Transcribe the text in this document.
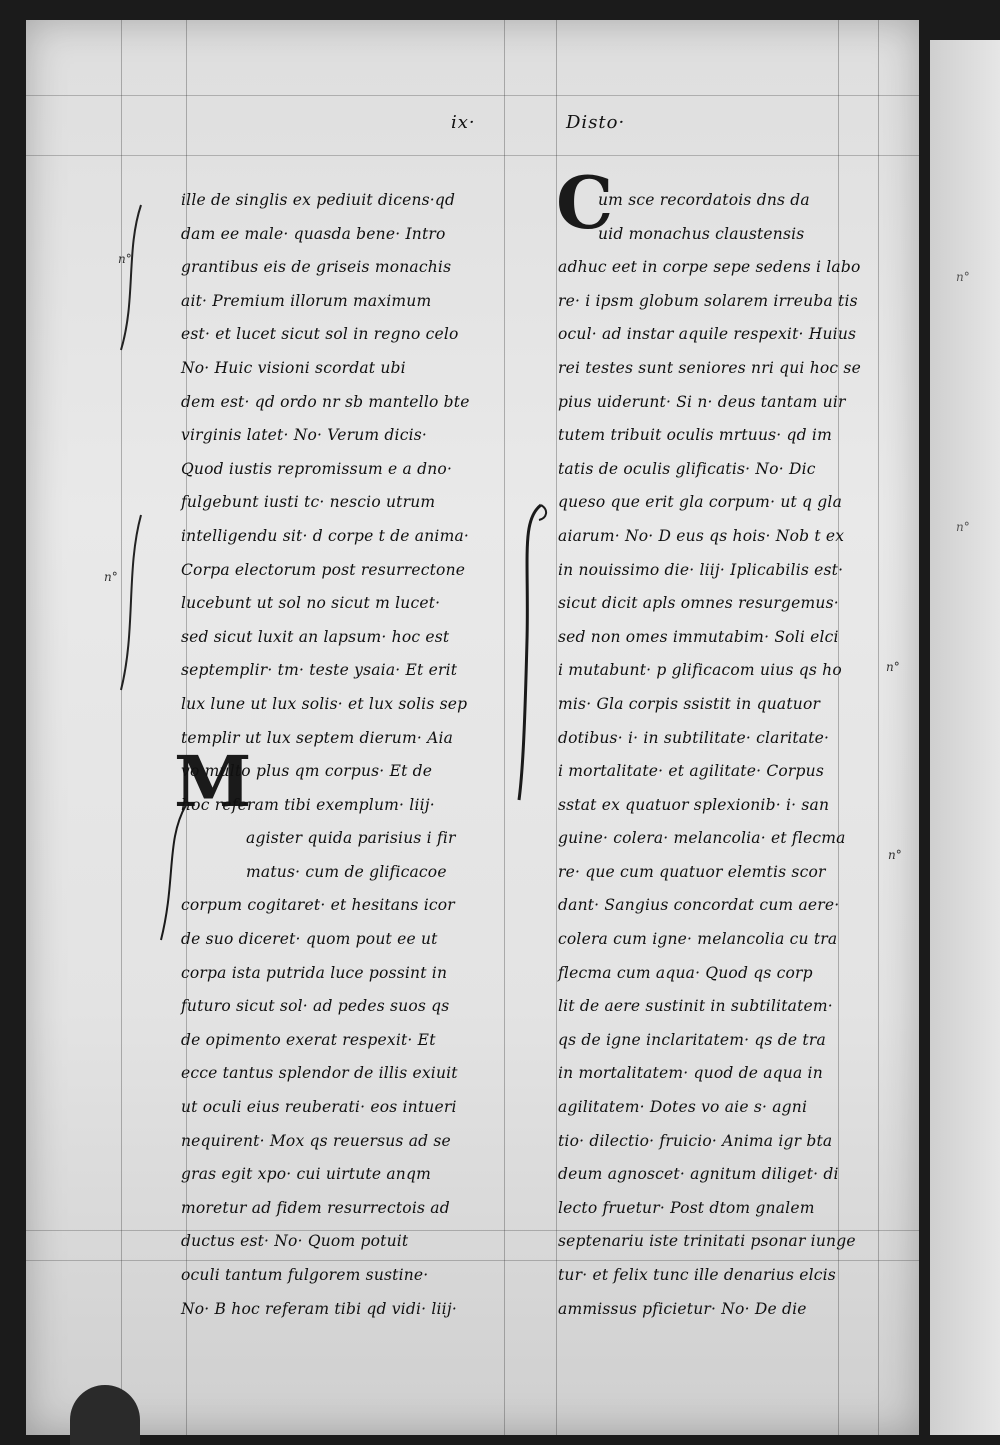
ix·	Disto·
M
C
ille de singlis ex pediuit dicens·qd
dam ee male· quasda bene· Intro
grantibus eis de griseis monachis
ait· Premium illorum maximum
est· et lucet sicut sol in regno celo
No· Huic visioni scordat ubi
dem est· qd ordo nr sb mantello bte
virginis latet· No· Verum dicis·
Quod iustis repromissum e a dno·
fulgebunt iusti tc· nescio utrum
intelligendu sit· d corpe t de anima·
Corpa electorum post resurrectone
lucebunt ut sol no sicut m lucet·
sed sicut luxit an lapsum· hoc est
septemplir· tm· teste ysaia· Et erit
lux lune ut lux solis· et lux solis sep
templir ut lux septem dierum· Aia
vo multo plus qm corpus· Et de
hoc referam tibi exemplum· liij·
agister quida parisius i fir
matus· cum de glificacoe
corpum cogitaret· et hesitans icor
de suo diceret· quom pout ee ut
corpa ista putrida luce possint in
futuro sicut sol· ad pedes suos qs
de opimento exerat respexit· Et
ecce tantus splendor de illis exiuit
ut oculi eius reuberati· eos intueri
nequirent· Mox qs reuersus ad se
gras egit xpo· cui uirtute anqm
moretur ad fidem resurrectois ad
ductus est· No· Quom potuit
oculi tantum fulgorem sustine·
No· B hoc referam tibi qd vidi· liij·
um sce recordatois dns da
uid monachus claustensis
adhuc eet in corpe sepe sedens i labo
re· i ipsm globum solarem irreuba tis
ocul· ad instar aquile respexit· Huius
rei testes sunt seniores nri qui hoc se
pius uiderunt· Si n· deus tantam uir
tutem tribuit oculis mrtuus· qd im
tatis de oculis glificatis· No· Dic
queso que erit gla corpum· ut q gla
aiarum· No· D eus qs hois· Nob t ex
in nouissimo die· liij· Iplicabilis est·
sicut dicit apls omnes resurgemus·
sed non omes immutabim· Soli elci
i mutabunt· p glificacom uius qs ho
mis· Gla corpis ssistit in quatuor
dotibus· i· in subtilitate· claritate·
i mortalitate· et agilitate· Corpus
sstat ex quatuor splexionib· i· san
guine· colera· melancolia· et flecma
re· que cum quatuor elemtis scor
dant· Sangius concordat cum aere·
colera cum igne· melancolia cu tra
flecma cum aqua· Quod qs corp
lit de aere sustinit in subtilitatem·
qs de igne inclaritatem· qs de tra
in mortalitatem· quod de aqua in
agilitatem· Dotes vo aie s· agni
tio· dilectio· fruicio· Anima igr bta
deum agnoscet· agnitum diliget· di
lecto fruetur· Post dtom gnalem
septenariu iste trinitati psonar iunge
tur· et felix tunc ille denarius elcis
ammissus pficietur· No· De die
n°
n°
n°
n°
n°
n°
